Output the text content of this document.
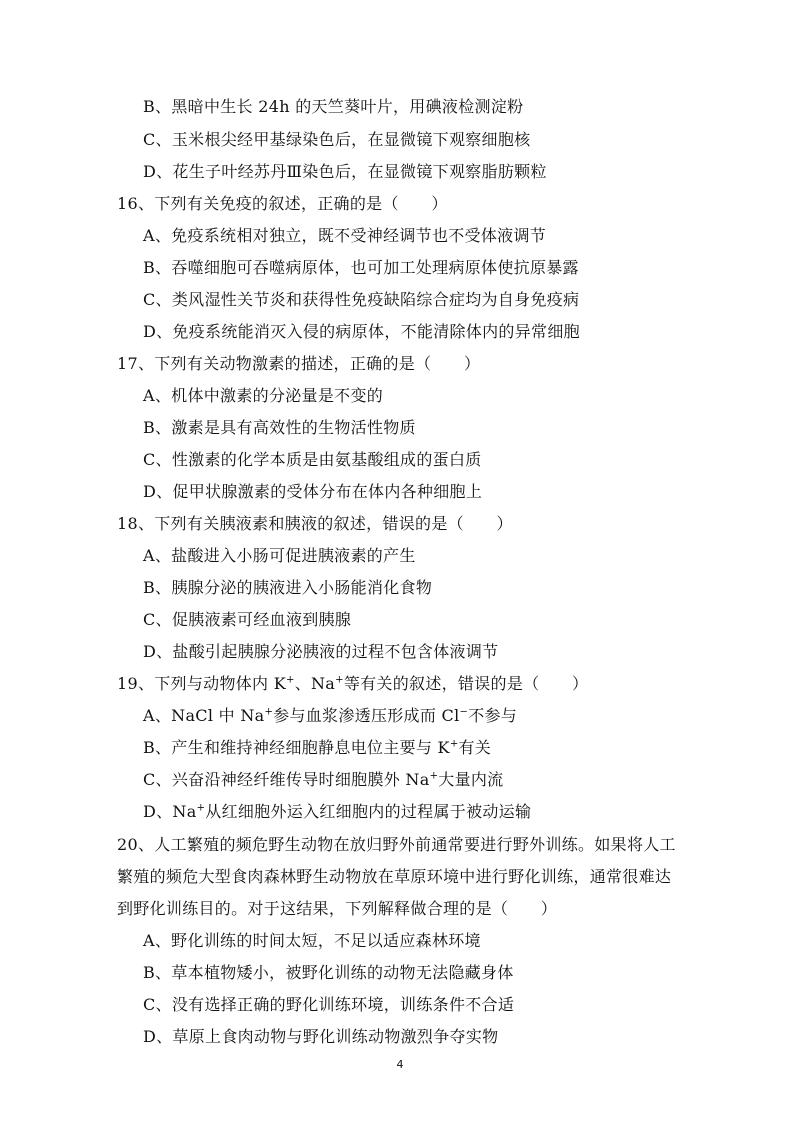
B、黑暗中生长 24h 的天竺葵叶片，用碘液检测淀粉
C、玉米根尖经甲基绿染色后，在显微镜下观察细胞核
D、花生子叶经苏丹Ⅲ染色后，在显微镜下观察脂肪颗粒
16、下列有关免疫的叙述，正确的是（　　）
A、免疫系统相对独立，既不受神经调节也不受体液调节
B、吞噬细胞可吞噬病原体，也可加工处理病原体使抗原暴露
C、类风湿性关节炎和获得性免疫缺陷综合症均为自身免疫病
D、免疫系统能消灭入侵的病原体，不能清除体内的异常细胞
17、下列有关动物激素的描述，正确的是（　　）
A、机体中激素的分泌量是不变的
B、激素是具有高效性的生物活性物质
C、性激素的化学本质是由氨基酸组成的蛋白质
D、促甲状腺激素的受体分布在体内各种细胞上
18、下列有关胰液素和胰液的叙述，错误的是（　　）
A、盐酸进入小肠可促进胰液素的产生
B、胰腺分泌的胰液进入小肠能消化食物
C、促胰液素可经血液到胰腺
D、盐酸引起胰腺分泌胰液的过程不包含体液调节
19、下列与动物体内 K+、Na+等有关的叙述，错误的是（　　）
A、NaCl 中 Na+参与血浆渗透压形成而 Cl−不参与
B、产生和维持神经细胞静息电位主要与 K+有关
C、兴奋沿神经纤维传导时细胞膜外 Na+大量内流
D、Na+从红细胞外运入红细胞内的过程属于被动运输
20、人工繁殖的频危野生动物在放归野外前通常要进行野外训练。如果将人工
繁殖的频危大型食肉森林野生动物放在草原环境中进行野化训练，通常很难达
到野化训练目的。对于这结果，下列解释做合理的是（　　）
A、野化训练的时间太短，不足以适应森林环境
B、草本植物矮小，被野化训练的动物无法隐藏身体
C、没有选择正确的野化训练环境，训练条件不合适
D、草原上食肉动物与野化训练动物激烈争夺实物
4
